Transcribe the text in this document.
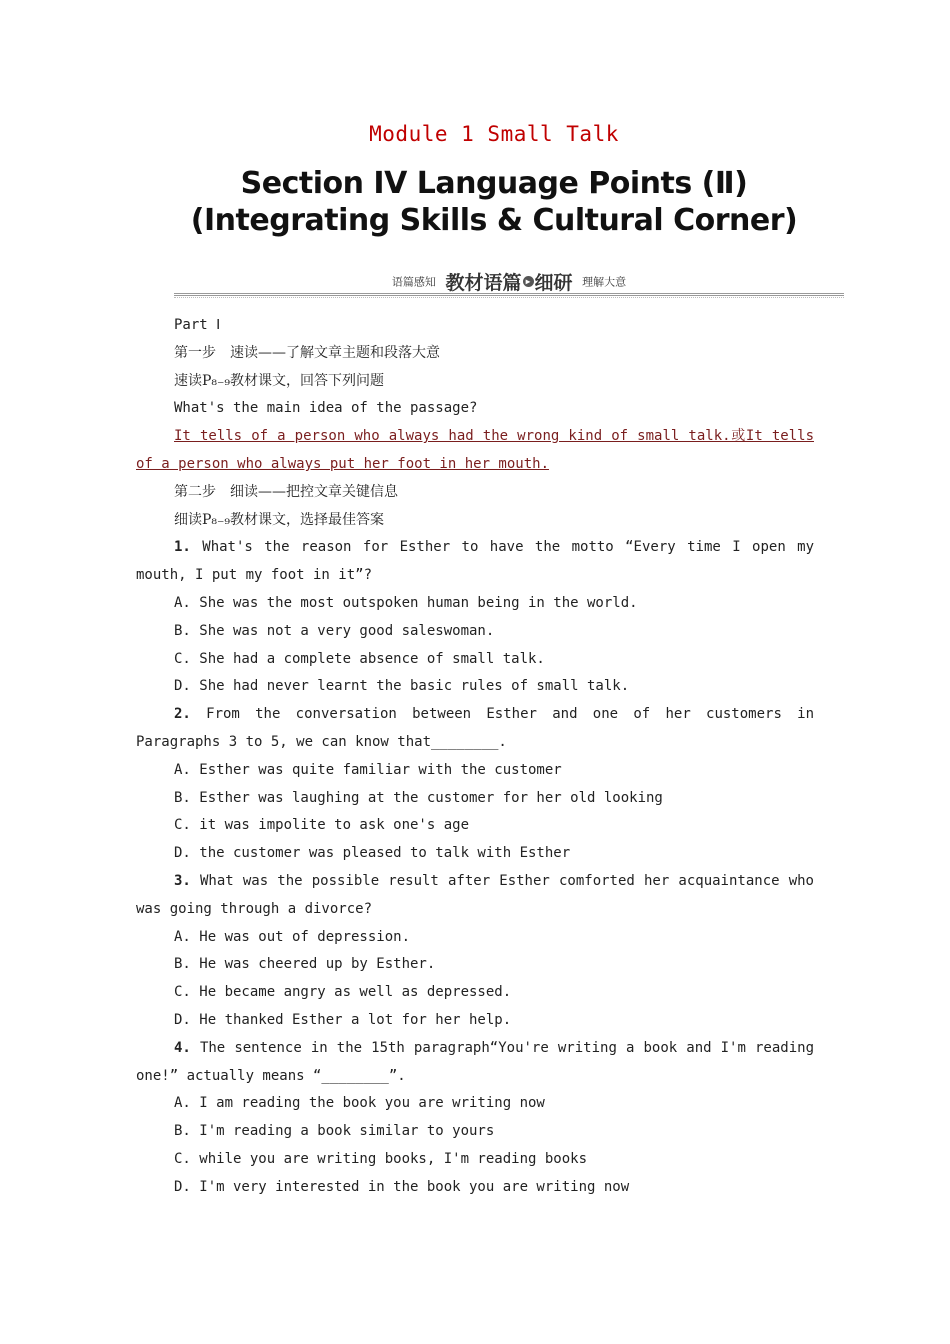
Module 1 Small Talk
Section IV Language Points (Ⅱ) (Integrating Skills & Cultural Corner)
语篇感知 教材语篇 ▶ 细研 理解大意

Part Ⅰ

第一步　速读——了解文章主题和段落大意

速读P₈₋₉教材课文，回答下列问题

What's the main idea of the passage?

It tells of a person who always had the wrong kind of small talk.或It tells of a person who always put her foot in her mouth.

第二步　细读——把控文章关键信息

细读P₈₋₉教材课文，选择最佳答案

1. What's the reason for Esther to have the motto “Every time I open my mouth, I put my foot in it”?

A. She was the most outspoken human being in the world.

B. She was not a very good saleswoman.

C. She had a complete absence of small talk.

D. She had never learnt the basic rules of small talk.

2. From the conversation between Esther and one of her customers in Paragraphs 3 to 5, we can know that________.

A. Esther was quite familiar with the customer

B. Esther was laughing at the customer for her old looking

C. it was impolite to ask one's age

D. the customer was pleased to talk with Esther

3. What was the possible result after Esther comforted her acquaintance who was going through a divorce?

A. He was out of depression.

B. He was cheered up by Esther.

C. He became angry as well as depressed.

D. He thanked Esther a lot for her help.

4. The sentence in the 15th paragraph“You're writing a book and I'm reading one!” actually means “________”.

A. I am reading the book you are writing now

B. I'm reading a book similar to yours

C. while you are writing books, I'm reading books

D. I'm very interested in the book you are writing now
